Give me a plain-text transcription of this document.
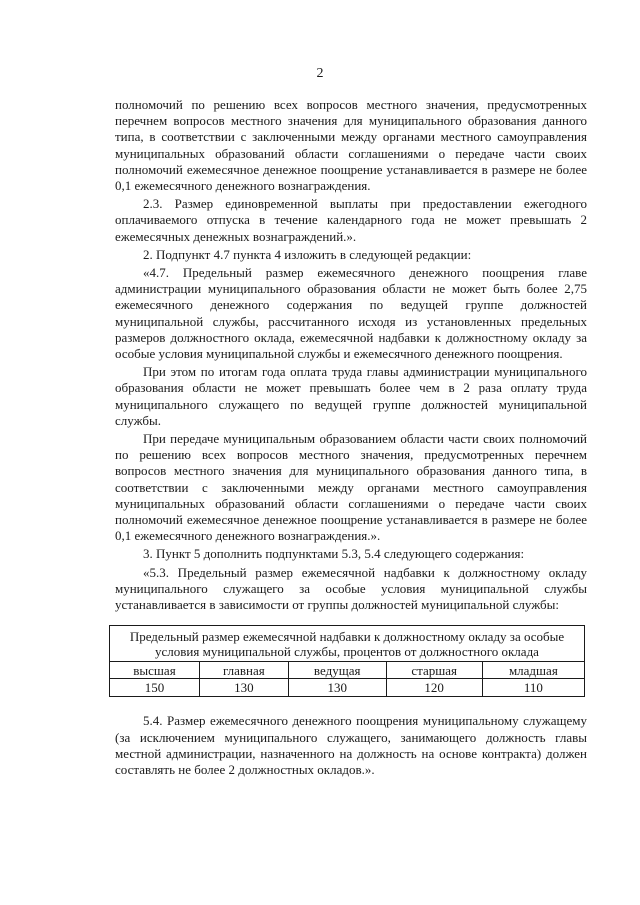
2

полномочий по решению всех вопросов местного значения, предусмотренных перечнем вопросов местного значения для муниципального образования данного типа, в соответствии с заключенными между органами местного самоуправления муниципальных образований области соглашениями о передаче части своих полномочий ежемесячное денежное поощрение устанавливается в размере не более 0,1 ежемесячного денежного вознаграждения.

2.3. Размер единовременной выплаты при предоставлении ежегодного оплачиваемого отпуска в течение календарного года не может превышать 2 ежемесячных денежных вознаграждений.».

2. Подпункт 4.7 пункта 4 изложить в следующей редакции:

«4.7. Предельный размер ежемесячного денежного поощрения главе администрации муниципального образования области не может быть более 2,75 ежемесячного денежного содержания по ведущей группе должностей муниципальной службы, рассчитанного исходя из установленных предельных размеров должностного оклада, ежемесячной надбавки к должностному окладу за особые условия муниципальной службы и ежемесячного денежного поощрения.

При этом по итогам года оплата труда главы администрации муниципального образования области не может превышать более чем в 2 раза оплату труда муниципального служащего по ведущей группе должностей муниципальной службы.

При передаче муниципальным образованием области части своих полномочий по решению всех вопросов местного значения, предусмотренных перечнем вопросов местного значения для муниципального образования данного типа, в соответствии с заключенными между органами местного самоуправления муниципальных образований области соглашениями о передаче части своих полномочий ежемесячное денежное поощрение устанавливается в размере не более 0,1 ежемесячного денежного вознаграждения.».

3. Пункт 5 дополнить подпунктами 5.3, 5.4 следующего содержания:

«5.3. Предельный размер ежемесячной надбавки к должностному окладу муниципального служащего за особые условия муниципальной службы устанавливается в зависимости от группы должностей муниципальной службы:

Предельный размер ежемесячной надбавки к должностному окладу за особые условия муниципальной службы, процентов от должностного оклада				
высшая	главная	ведущая	старшая	младшая
150	130	130	120	110

5.4. Размер ежемесячного денежного поощрения муниципальному служащему (за исключением муниципального служащего, занимающего должность главы местной администрации, назначенного на должность на основе контракта) должен составлять не более 2 должностных окладов.».
